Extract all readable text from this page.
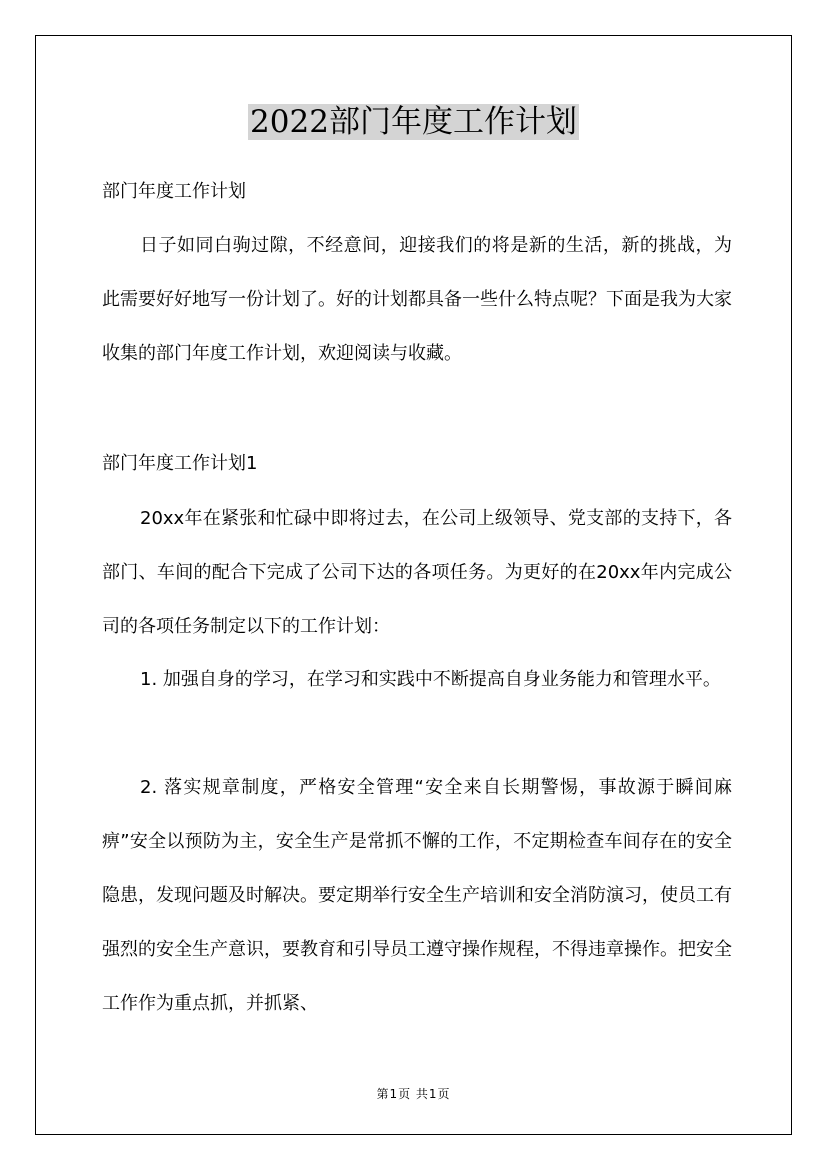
2022部门年度工作计划

部门年度工作计划

日子如同白驹过隙，不经意间，迎接我们的将是新的生活，新的挑战，为此需要好好地写一份计划了。好的计划都具备一些什么特点呢？下面是我为大家收集的部门年度工作计划，欢迎阅读与收藏。

部门年度工作计划1

20xx年在紧张和忙碌中即将过去，在公司上级领导、党支部的支持下，各部门、车间的配合下完成了公司下达的各项任务。为更好的在20xx年内完成公司的各项任务制定以下的工作计划：

1. 加强自身的学习，在学习和实践中不断提高自身业务能力和管理水平。

2. 落实规章制度，严格安全管理“安全来自长期警惕，事故源于瞬间麻痹”安全以预防为主，安全生产是常抓不懈的工作，不定期检查车间存在的安全隐患，发现问题及时解决。要定期举行安全生产培训和安全消防演习，使员工有强烈的安全生产意识，要教育和引导员工遵守操作规程，不得违章操作。把安全工作作为重点抓，并抓紧、

第1页 共1页
